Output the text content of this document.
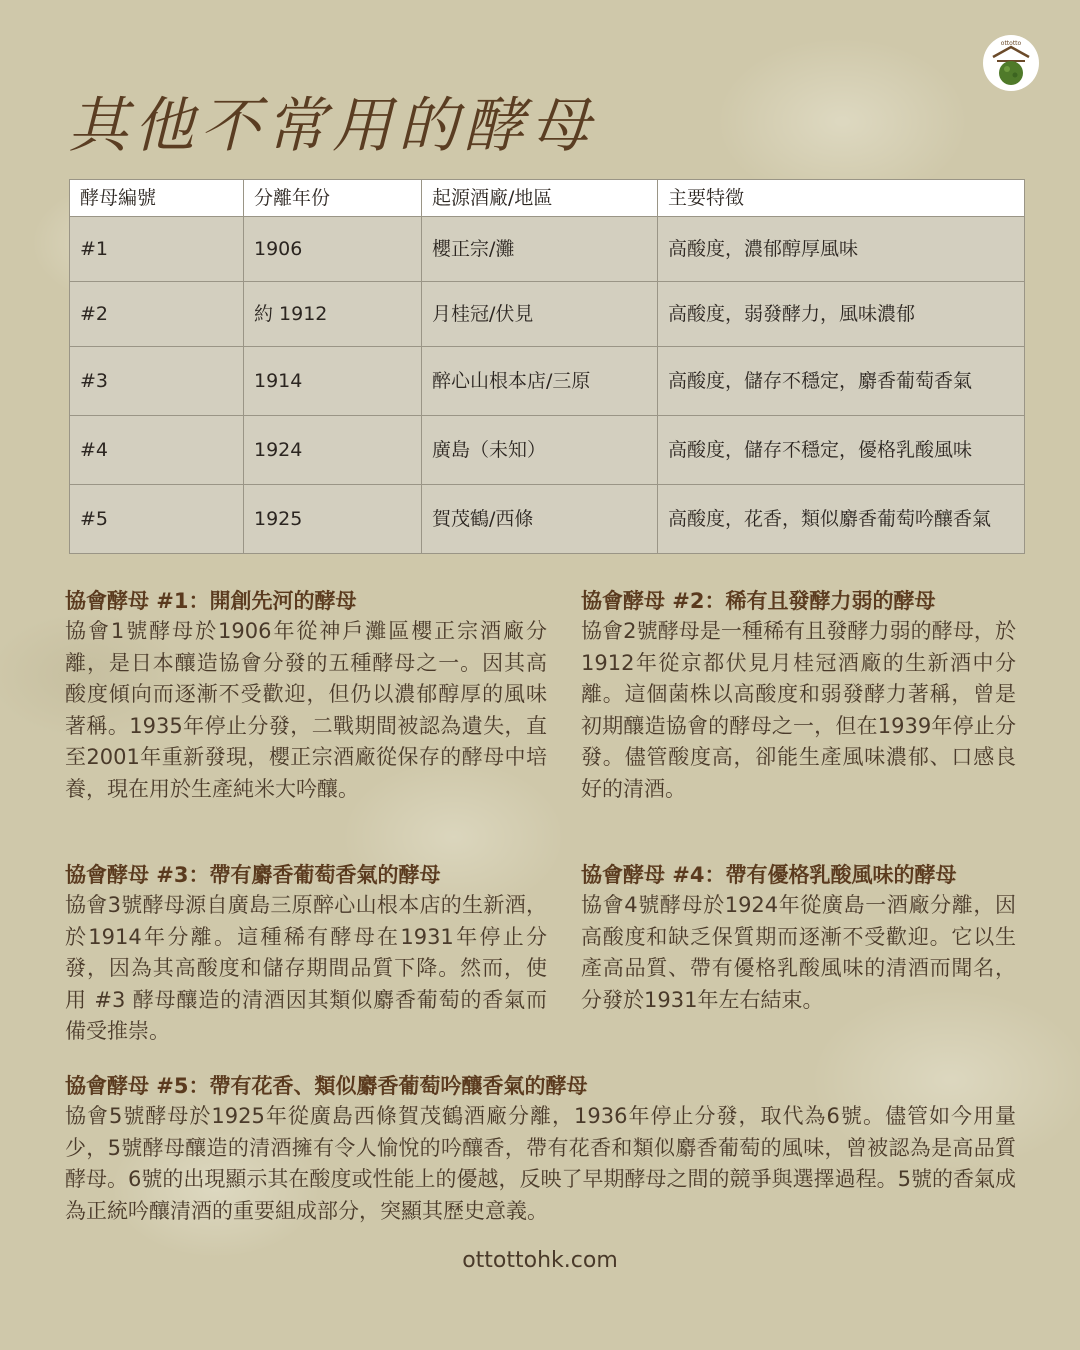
ottotto
其他不常用的酵母
酵母編號	分離年份	起源酒廠/地區	主要特徵
#1	1906	櫻正宗/灘	高酸度，濃郁醇厚風味
#2	約 1912	月桂冠/伏見	高酸度，弱發酵力，風味濃郁
#3	1914	醉心山根本店/三原	高酸度，儲存不穩定，麝香葡萄香氣
#4	1924	廣島（未知）	高酸度，儲存不穩定，優格乳酸風味
#5	1925	賀茂鶴/西條	高酸度，花香，類似麝香葡萄吟釀香氣
協會酵母 #1：開創先河的酵母

協會1號酵母於1906年從神戶灘區櫻正宗酒廠分離，是日本釀造協會分發的五種酵母之一。因其高酸度傾向而逐漸不受歡迎，但仍以濃郁醇厚的風味著稱。1935年停止分發，二戰期間被認為遺失，直至2001年重新發現，櫻正宗酒廠從保存的酵母中培養，現在用於生產純米大吟釀。

協會酵母 #2：稀有且發酵力弱的酵母

協會2號酵母是一種稀有且發酵力弱的酵母，於1912年從京都伏見月桂冠酒廠的生新酒中分離。這個菌株以高酸度和弱發酵力著稱，曾是初期釀造協會的酵母之一，但在1939年停止分發。儘管酸度高，卻能生產風味濃郁、口感良好的清酒。

協會酵母 #3：帶有麝香葡萄香氣的酵母

協會3號酵母源自廣島三原醉心山根本店的生新酒，於1914年分離。這種稀有酵母在1931年停止分發，因為其高酸度和儲存期間品質下降。然而，使用 #3 酵母釀造的清酒因其類似麝香葡萄的香氣而備受推崇。

協會酵母 #4：帶有優格乳酸風味的酵母

協會4號酵母於1924年從廣島一酒廠分離，因高酸度和缺乏保質期而逐漸不受歡迎。它以生產高品質、帶有優格乳酸風味的清酒而聞名，分發於1931年左右結束。

協會酵母 #5：帶有花香、類似麝香葡萄吟釀香氣的酵母

協會5號酵母於1925年從廣島西條賀茂鶴酒廠分離，1936年停止分發，取代為6號。儘管如今用量少，5號酵母釀造的清酒擁有令人愉悅的吟釀香，帶有花香和類似麝香葡萄的風味，曾被認為是高品質酵母。6號的出現顯示其在酸度或性能上的優越，反映了早期酵母之間的競爭與選擇過程。5號的香氣成為正統吟釀清酒的重要組成部分，突顯其歷史意義。

ottottohk.com
